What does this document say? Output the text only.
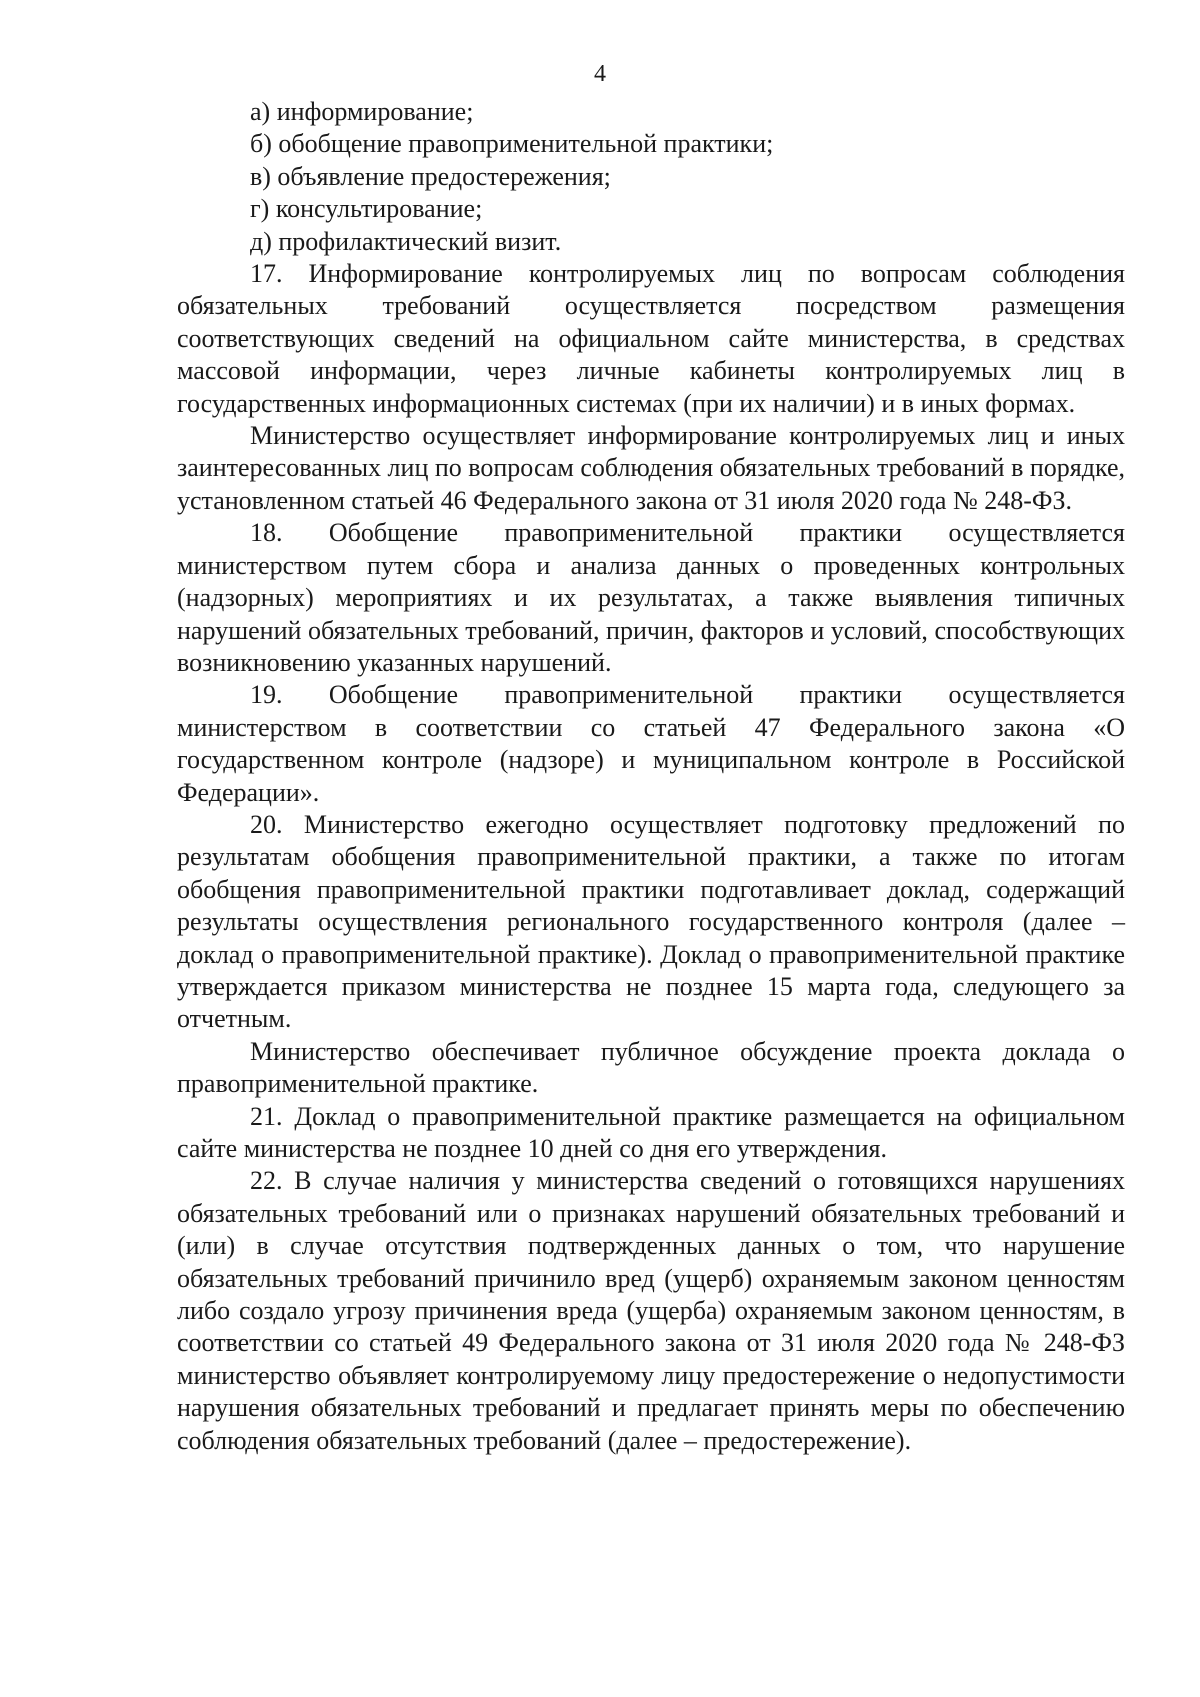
4

а) информирование;

б) обобщение правоприменительной практики;

в) объявление предостережения;

г) консультирование;

д) профилактический визит.

17. Информирование контролируемых лиц по вопросам соблюдения обязательных требований осуществляется посредством размещения соответствующих сведений на официальном сайте министерства, в средствах массовой информации, через личные кабинеты контролируемых лиц в государственных информационных системах (при их наличии) и в иных формах.

Министерство осуществляет информирование контролируемых лиц и иных заинтересованных лиц по вопросам соблюдения обязательных требований в порядке, установленном статьей 46 Федерального закона от 31 июля 2020 года № 248-ФЗ.

18. Обобщение правоприменительной практики осуществляется министерством путем сбора и анализа данных о проведенных контрольных (надзорных) мероприятиях и их результатах, а также выявления типичных нарушений обязательных требований, причин, факторов и условий, способствующих возникновению указанных нарушений.

19. Обобщение правоприменительной практики осуществляется министерством в соответствии со статьей 47 Федерального закона «О государственном контроле (надзоре) и муниципальном контроле в Российской Федерации».

20. Министерство ежегодно осуществляет подготовку предложений по результатам обобщения правоприменительной практики, а также по итогам обобщения правоприменительной практики подготавливает доклад, содержащий результаты осуществления регионального государственного контроля (далее – доклад о правоприменительной практике). Доклад о правоприменительной практике утверждается приказом министерства не позднее 15 марта года, следующего за отчетным.

Министерство обеспечивает публичное обсуждение проекта доклада о правоприменительной практике.

21. Доклад о правоприменительной практике размещается на официальном сайте министерства не позднее 10 дней со дня его утверждения.

22. В случае наличия у министерства сведений о готовящихся нарушениях обязательных требований или о признаках нарушений обязательных требований и (или) в случае отсутствия подтвержденных данных о том, что нарушение обязательных требований причинило вред (ущерб) охраняемым законом ценностям либо создало угрозу причинения вреда (ущерба) охраняемым законом ценностям, в соответствии со статьей 49 Федерального закона от 31 июля 2020 года № 248-ФЗ министерство объявляет контролируемому лицу предостережение о недопустимости нарушения обязательных требований и предлагает принять меры по обеспечению соблюдения обязательных требований (далее – предостережение).
